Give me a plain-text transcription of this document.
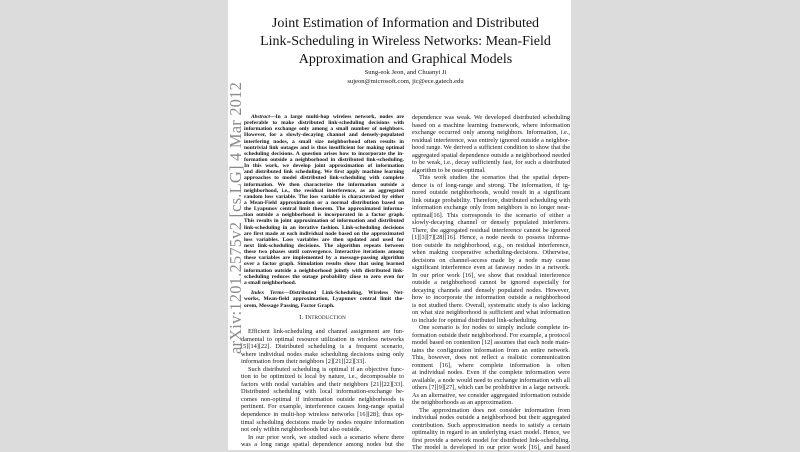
arXiv:1201.2575v2 [cs.LG] 4 Mar 2012
Joint Estimation of Information and Distributed
Link-Scheduling in Wireless Networks: Mean-Field
Approximation and Graphical Models
Sung-eok Jeon, and Chuanyi Ji
sujeon@microsoft.com, jic@ece.gatech.edu
Abstract—In a large multi-hop wireless network, nodes are
preferable to make distributed link-scheduling decisions with
information exchange only among a small number of neighbors.
However, for a slowly-decaying channel and densely-populated
interfering nodes, a small size neighborhood often results in
nontrivial link outages and is thus insufficient for making optimal
scheduling decisions. A question arises how to incorporate the in-
formation outside a neighborhood in distributed link-scheduling.
In this work, we develop joint approximation of information
and distributed link scheduling. We first apply machine learning
approaches to model distributed link-scheduling with complete
information. We then characterize the information outside a
neighborhood, i.e., the residual interference, as an aggregated
random loss variable. The loss variable is characterized by either
a Mean-Field approximation or a normal distribution based on
the Lyapunov central limit theorem. The approximated informa-
tion outside a neighborhood is incorporated in a factor graph.
This results in joint approximation of information and distributed
link-scheduling in an iterative fashion. Link-scheduling decisions
are first made at each individual node based on the approximated
loss variables. Loss variables are then updated and used for
next link-scheduling decisions. The algorithm repeats between
these two phases until convergence. Interactive iterations among
these variables are implemented by a message-passing algorithm
over a factor graph. Simulation results show that using learned
information outside a neighborhood jointly with distributed link-
scheduling reduces the outage probability close to zero even for
a small neighborhood.
Index Terms—Distributed Link-Scheduling, Wireless Net-
works, Mean-field approximation, Lyapunov central limit the-
orem, Message Passing, Factor Graph.
I. Introduction
Efficient link-scheduling and channel assignment are fun-
damental to optimal resource utilization in wireless networks
[5][14][22]. Distributed scheduling is a frequent scenario,
where individual nodes make scheduling decisions using only
information from their neighbors [2][21][22][33].
Such distributed scheduling is optimal if an objective func-
tion to be optimized is local by nature, i.e., decomposable to
factors with nodal variables and their neighbors [21][22][33].
Distributed scheduling with local information-exchange be-
comes non-optimal if information outside neighborhoods is
pertinent. For example, interference causes long-range spatial
dependence in multi-hop wireless networks [16][28]; thus op-
timal scheduling decisions made by nodes require information
not only within neighborhoods but also outside.
In our prior work, we studied such a scenario where there
was a long range spatial dependence among nodes but the
dependence was weak. We developed distributed scheduling
based on a machine learning framework, where information
exchange occurred only among neighbors. Information, i.e.,
residual interference, was entirely ignored outside a neighbor-
hood range. We derived a sufficient condition to show that the
aggregated spatial dependence outside a neighborhood needed
to be weak, i.e., decay sufficiently fast, for such a distributed
algorithm to be near-optimal.
This work studies the scenarios that the spatial depen-
dence is of long-range and strong. The information, if ig-
nored outside neighborhoods, would result in a significant
link outage probability. Therefore, distributed scheduling with
information exchange only from neighbors is no longer near-
optimal[16]. This corresponds to the scenario of either a
slowly-decaying channel or densely populated interferers.
There, the aggregated residual interference cannot be ignored
[1][3][7][28][16]. Hence, a node needs to possess informa-
tion outside its neighborhood, e.g., on residual interference,
when making cooperative scheduling-decisions. Otherwise,
decisions on channel-access made by a node may cause
significant interference even at faraway nodes in a network.
In our prior work [16], we show that residual interference
outside a neighborhood cannot be ignored especially for
decaying channels and densely populated nodes. However,
how to incorporate the information outside a neighborhood
is not studied there. Overall, systematic study is also lacking
on what size neighborhood is sufficient and what information
to include for optimal distributed link-scheduling.
One scenario is for nodes to simply include complete in-
formation outside their neighborhood. For example, a protocol
model based on contention [12] assumes that each node main-
tains the configuration information from an entire network.
This, however, does not reflect a realistic communication
ronment [16], where complete information is often
at individual nodes. Even if the complete information were
available, a node would need to exchange information with all
others [7][9][27], which can be prohibitive in a large network.
As an alternative, we consider aggregated information outside
the neighborhoods as an approximation.
The approximation does not consider information from
individual nodes outside a neighborhood but their aggregated
contribution. Such approximation needs to satisfy a certain
optimality in regard to an underlying exact model. Hence, we
first provide a network model for distributed link-scheduling.
The model is developed in our prior work [16], and based
